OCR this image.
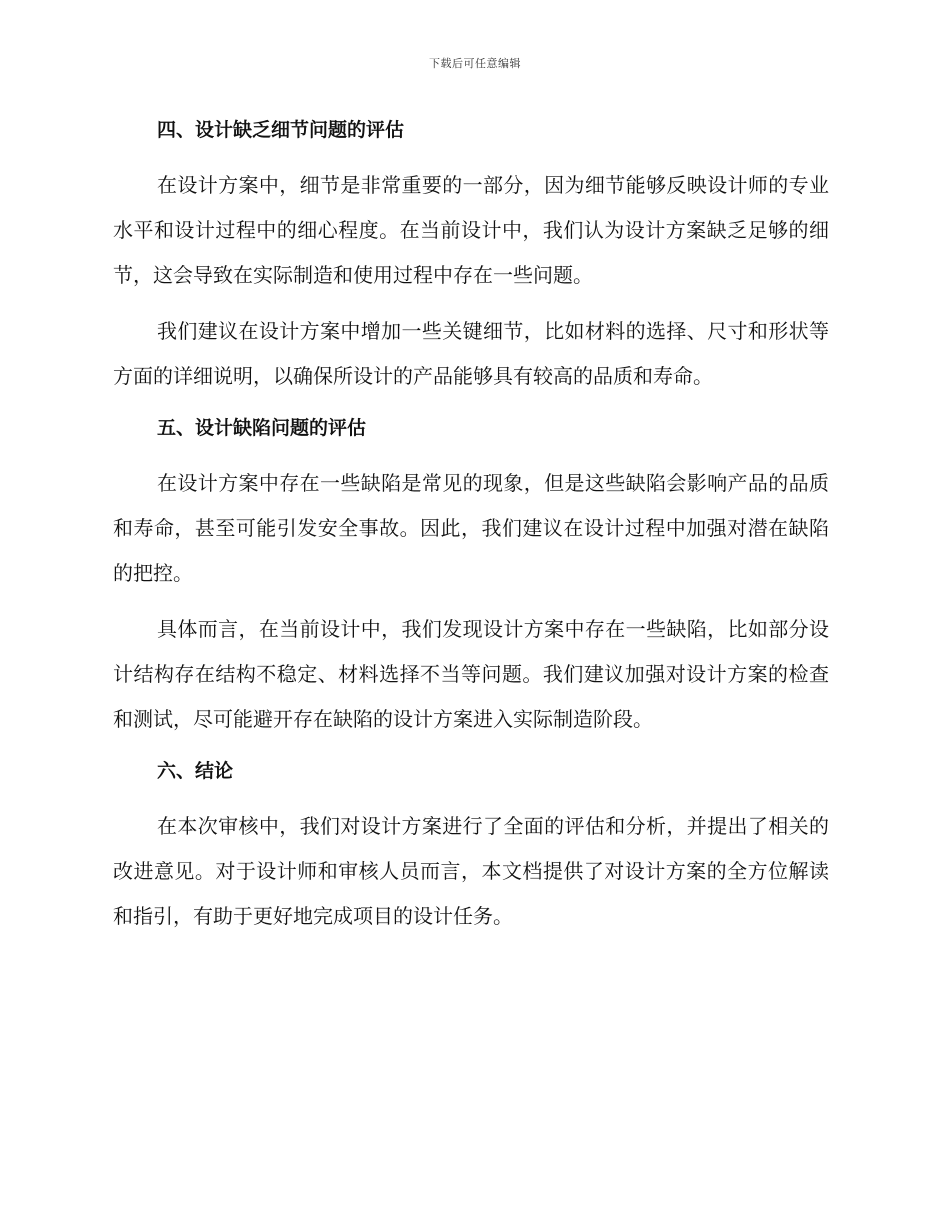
下载后可任意编辑
四、设计缺乏细节问题的评估

在设计方案中，细节是非常重要的一部分，因为细节能够反映设计师的专业水平和设计过程中的细心程度。在当前设计中，我们认为设计方案缺乏足够的细节，这会导致在实际制造和使用过程中存在一些问题。

我们建议在设计方案中增加一些关键细节，比如材料的选择、尺寸和形状等方面的详细说明，以确保所设计的产品能够具有较高的品质和寿命。

五、设计缺陷问题的评估

在设计方案中存在一些缺陷是常见的现象，但是这些缺陷会影响产品的品质和寿命，甚至可能引发安全事故。因此，我们建议在设计过程中加强对潜在缺陷的把控。

具体而言，在当前设计中，我们发现设计方案中存在一些缺陷，比如部分设计结构存在结构不稳定、材料选择不当等问题。我们建议加强对设计方案的检查和测试，尽可能避开存在缺陷的设计方案进入实际制造阶段。

六、结论

在本次审核中，我们对设计方案进行了全面的评估和分析，并提出了相关的改进意见。对于设计师和审核人员而言，本文档提供了对设计方案的全方位解读和指引，有助于更好地完成项目的设计任务。
